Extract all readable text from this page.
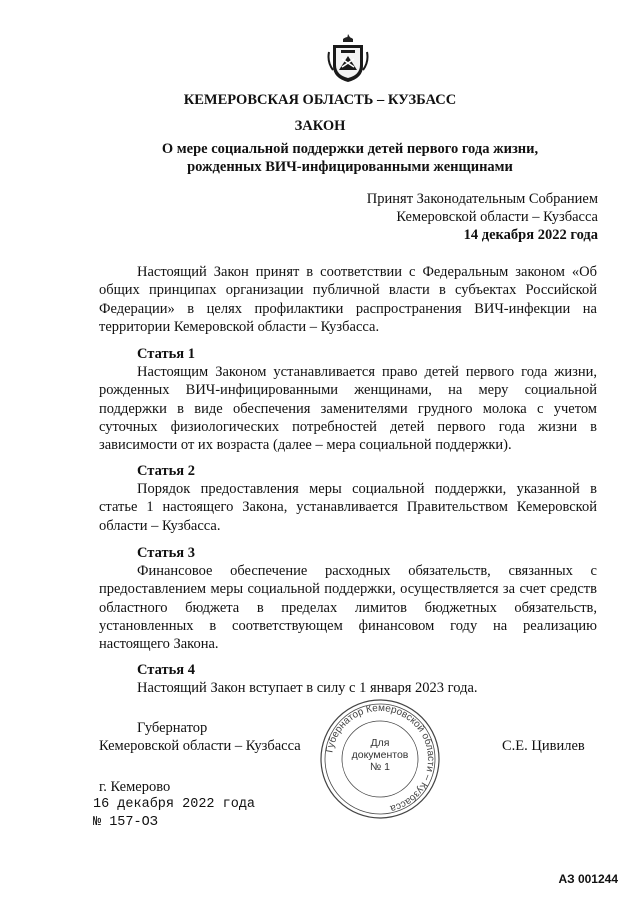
КЕМЕРОВСКАЯ ОБЛАСТЬ – КУЗБАСС
ЗАКОН
О мере социальной поддержки детей первого года жизни,
рожденных ВИЧ-инфицированными женщинами
Принят Законодательным Собранием
Кемеровской области – Кузбасса
14 декабря 2022 года

Настоящий Закон принят в соответствии с Федеральным законом «Об общих принципах организации публичной власти в субъектах Российской Федерации» в целях профилактики распространения ВИЧ-инфекции на территории Кемеровской области – Кузбасса.

Статья 1

Настоящим Законом устанавливается право детей первого года жизни, рожденных ВИЧ-инфицированными женщинами, на меру социальной поддержки в виде обеспечения заменителями грудного молока с учетом суточных физиологических потребностей детей первого года жизни в зависимости от их возраста (далее – мера социальной поддержки).

Статья 2

Порядок предоставления меры социальной поддержки, указанной в статье 1 настоящего Закона, устанавливается Правительством Кемеровской области – Кузбасса.

Статья 3

Финансовое обеспечение расходных обязательств, связанных с предоставлением меры социальной поддержки, осуществляется за счет средств областного бюджета в пределах лимитов бюджетных обязательств, установленных в соответствующем финансовом году на реализацию настоящего Закона.

Статья 4

Настоящий Закон вступает в силу с 1 января 2023 года.

Губернатор
Кемеровской области – Кузбасса	С.Е. Цивилев
Губернатор Кемеровской области – Кузбасса
Для
документов
№ 1
г. Кемерово
16 декабря 2022 года
№ 157-ОЗ
АЗ 001244
